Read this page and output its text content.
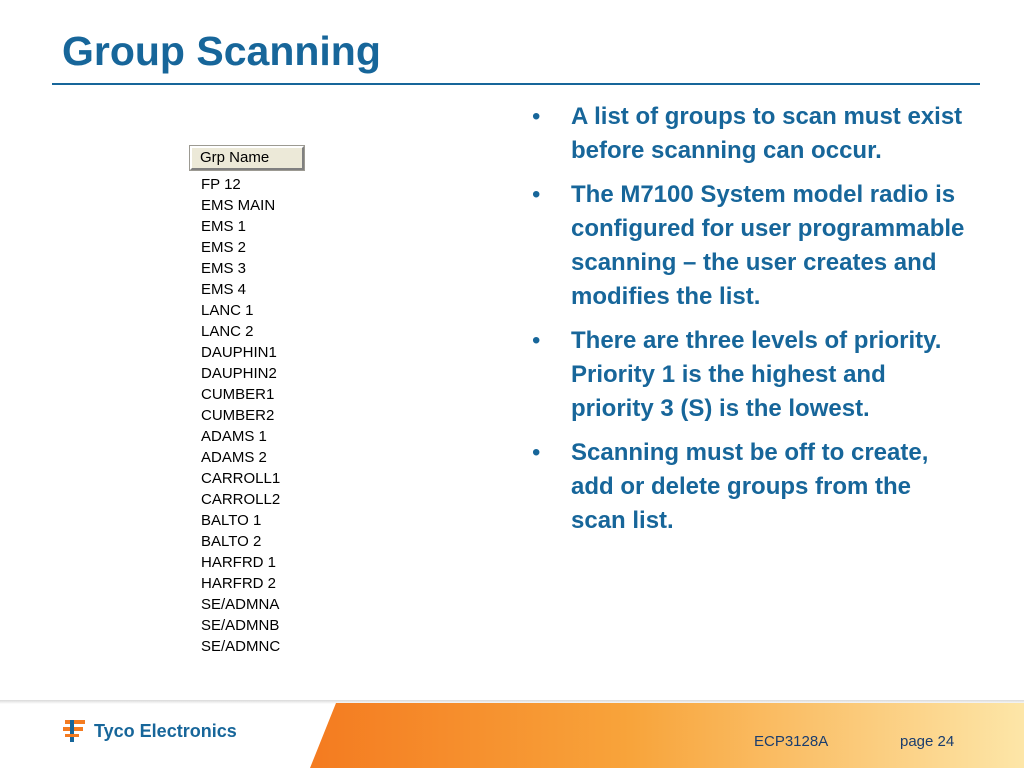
Group Scanning
Grp Name
FP 12
EMS MAIN
EMS 1
EMS 2
EMS 3
EMS 4
LANC 1
LANC 2
DAUPHIN1
DAUPHIN2
CUMBER1
CUMBER2
ADAMS 1
ADAMS 2
CARROLL1
CARROLL2
BALTO 1
BALTO 2
HARFRD 1
HARFRD 2
SE/ADMNA
SE/ADMNB
SE/ADMNC
• A list of groups to scan must exist before scanning can occur.
• The M7100 System model radio is configured for user programmable scanning – the user creates and modifies the list.
• There are three levels of priority. Priority 1 is the highest and priority 3 (S) is the lowest.
• Scanning must be off to create, add or delete groups from the scan list.
Tyco Electronics
ECP3128A	page 24
